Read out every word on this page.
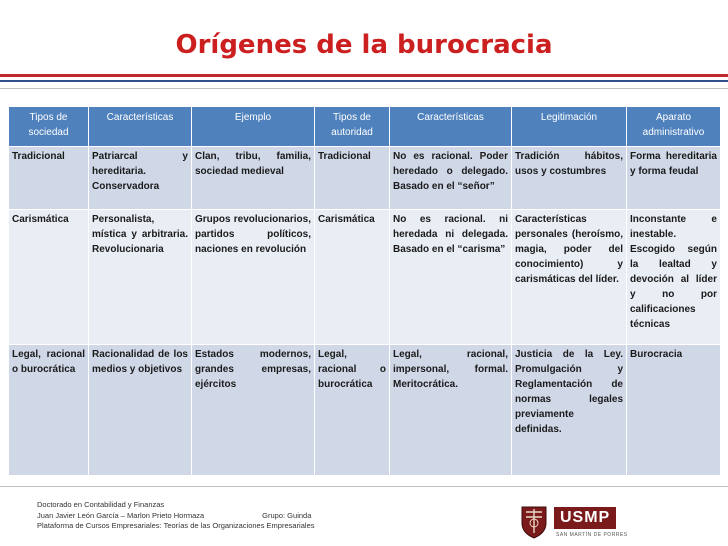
Orígenes de la burocracia
Tipos de sociedad	Características	Ejemplo	Tipos de autoridad	Características	Legitimación	Aparato administrativo
Tradicional	Patriarcal y hereditaria. Conservadora	Clan, tribu, familia, sociedad medieval	Tradicional	No es racional. Poder heredado o delegado. Basado en el “señor”	Tradición hábitos, usos y costumbres	Forma hereditaria y forma feudal
Carismática	Personalista, mística y arbitraria. Revolucionaria	Grupos revolucionarios, partidos políticos, naciones en revolución	Carismática	No es racional. ni heredada ni delegada. Basado en el “carisma”	Características personales (heroísmo, magia, poder del conocimiento) y carismáticas del líder.	Inconstante e inestable. Escogido según la lealtad y devoción al líder y no por calificaciones técnicas
Legal, racional o burocrática	Racionalidad de los medios y objetivos	Estados modernos, grandes empresas, ejércitos	Legal, racional o burocrática	Legal, racional, impersonal, formal. Meritocrática.	Justicia de la Ley. Promulgación y Reglamentación de normas legales previamente definidas.	Burocracia
Doctorado en Contabilidad y Finanzas
Juan Javier León García – Marlon Prieto Hormaza	Grupo: Guinda
Plataforma de Cursos Empresariales: Teorías de las Organizaciones Empresariales	USMP
SAN MARTÍN DE PORRES
